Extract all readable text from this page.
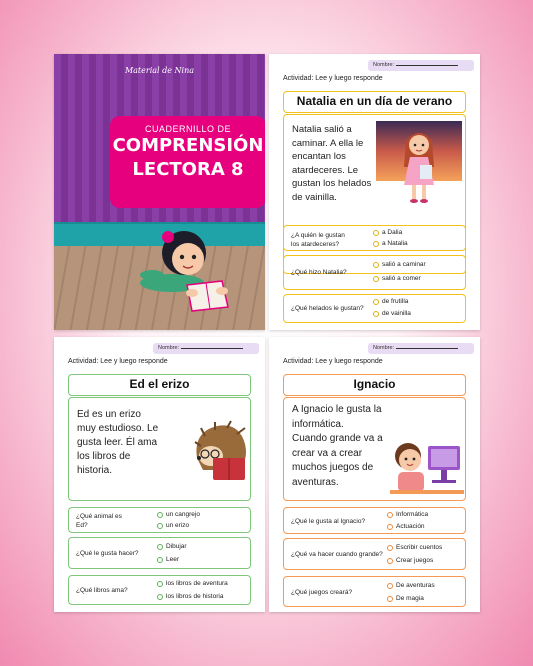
Material de Nina
CUADERNILLO DE
COMPRENSIÓN
LECTORA 8
Nombre:
Actividad: Lee y luego responde
Natalia en un día de verano
Natalia salió a
caminar. A ella le
encantan los
atardeceres. Le
gustan los helados
de vainilla.
¿A quién le gustan
los atardeceres?
a Dalia
a Natalia
¿Qué hizo Natalia?
salió a caminar
salió a comer
¿Qué helados le gustan?
de frutilla
de vainilla
Nombre:
Actividad: Lee y luego responde
Ed el erizo
Ed es un erizo
muy estudioso. Le
gusta leer. Él ama
los libros de
historia.
¿Qué animal es
Ed?
un cangrejo
un erizo
¿Qué le gusta hacer?
Dibujar
Leer
¿Qué libros ama?
los libros de aventura
los libros de historia
Nombre:
Actividad: Lee y luego responde
Ignacio
A Ignacio le gusta la
informática.
Cuando grande va a
crear va a crear
muchos juegos de
aventuras.
¿Qué le gusta al Ignacio?
Informática
Actuación
¿Qué va hacer cuando grande?
Escribir cuentos
Crear juegos
¿Qué juegos creará?
De aventuras
De magia
